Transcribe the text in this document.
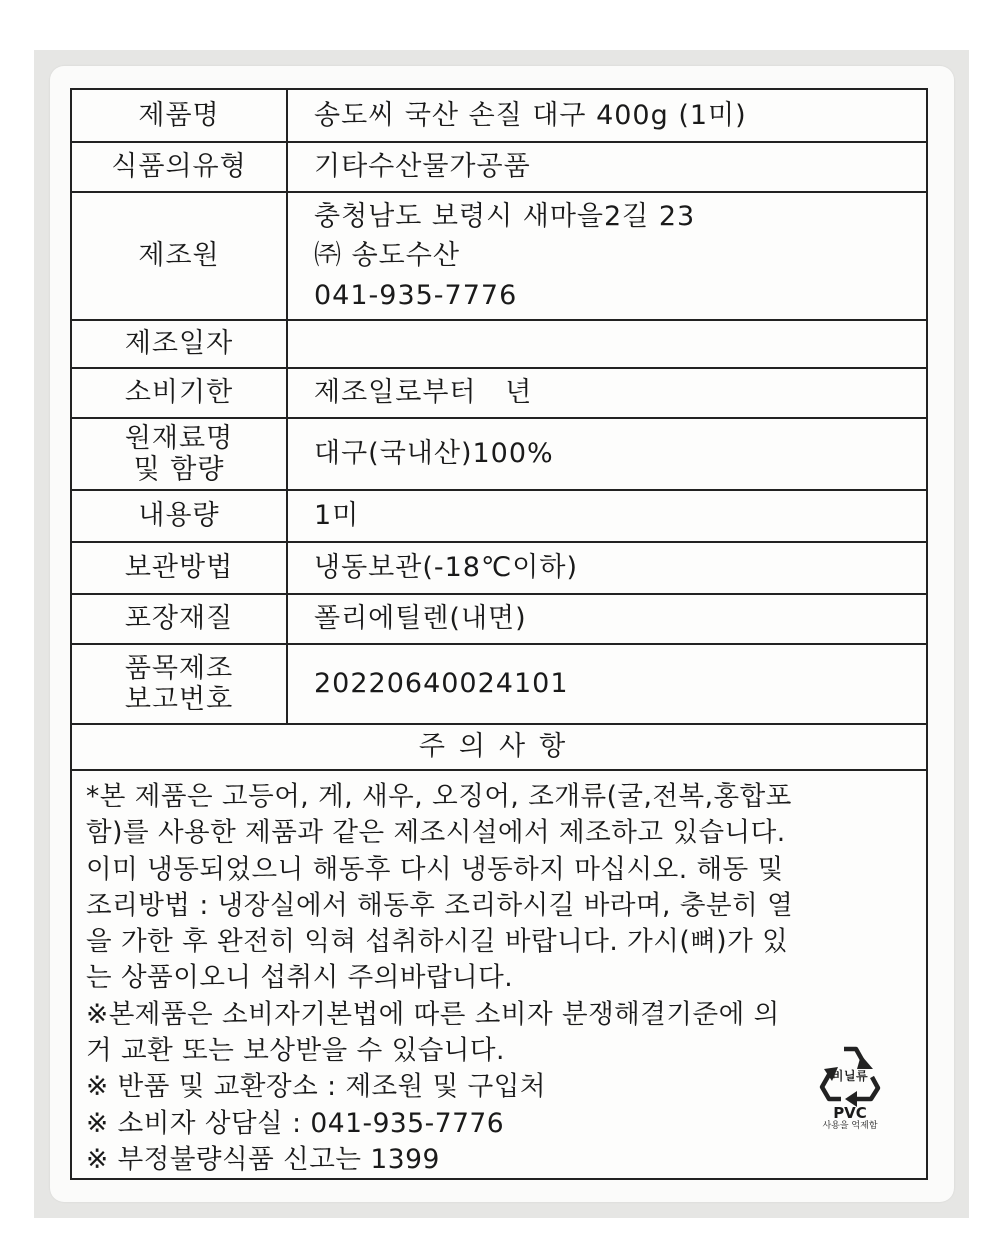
제품명	송도씨 국산 손질 대구 400g (1미)

식품의유형	기타수산물가공품

제조원	충청남도 보령시 새마을2길 23
㈜ 송도수산
041-935-7776

제조일자	

소비기한	제조일로부터   년

원재료명
및 함량	대구(국내산)100%

내용량	1미

보관방법	냉동보관(-18℃이하)

포장재질	폴리에틸렌(내면)

품목제조
보고번호	20220640024101
주의사항

*본 제품은 고등어, 게, 새우, 오징어, 조개류(굴,전복,홍합포
함)를 사용한 제품과 같은 제조시설에서 제조하고 있습니다.
이미 냉동되었으니 해동후 다시 냉동하지 마십시오. 해동 및
조리방법 : 냉장실에서 해동후 조리하시길 바라며, 충분히 열
을 가한 후 완전히 익혀 섭취하시길 바랍니다. 가시(뼈)가 있
는 상품이오니 섭취시 주의바랍니다.
※본제품은 소비자기본법에 따른 소비자 분쟁해결기준에 의
거 교환 또는 보상받을 수 있습니다.
※ 반품 및 교환장소 : 제조원 및 구입처
※ 소비자 상담실 : 041-935-7776
※ 부정불량식품 신고는 1399

비닐류
PVC
사용을 억제함
